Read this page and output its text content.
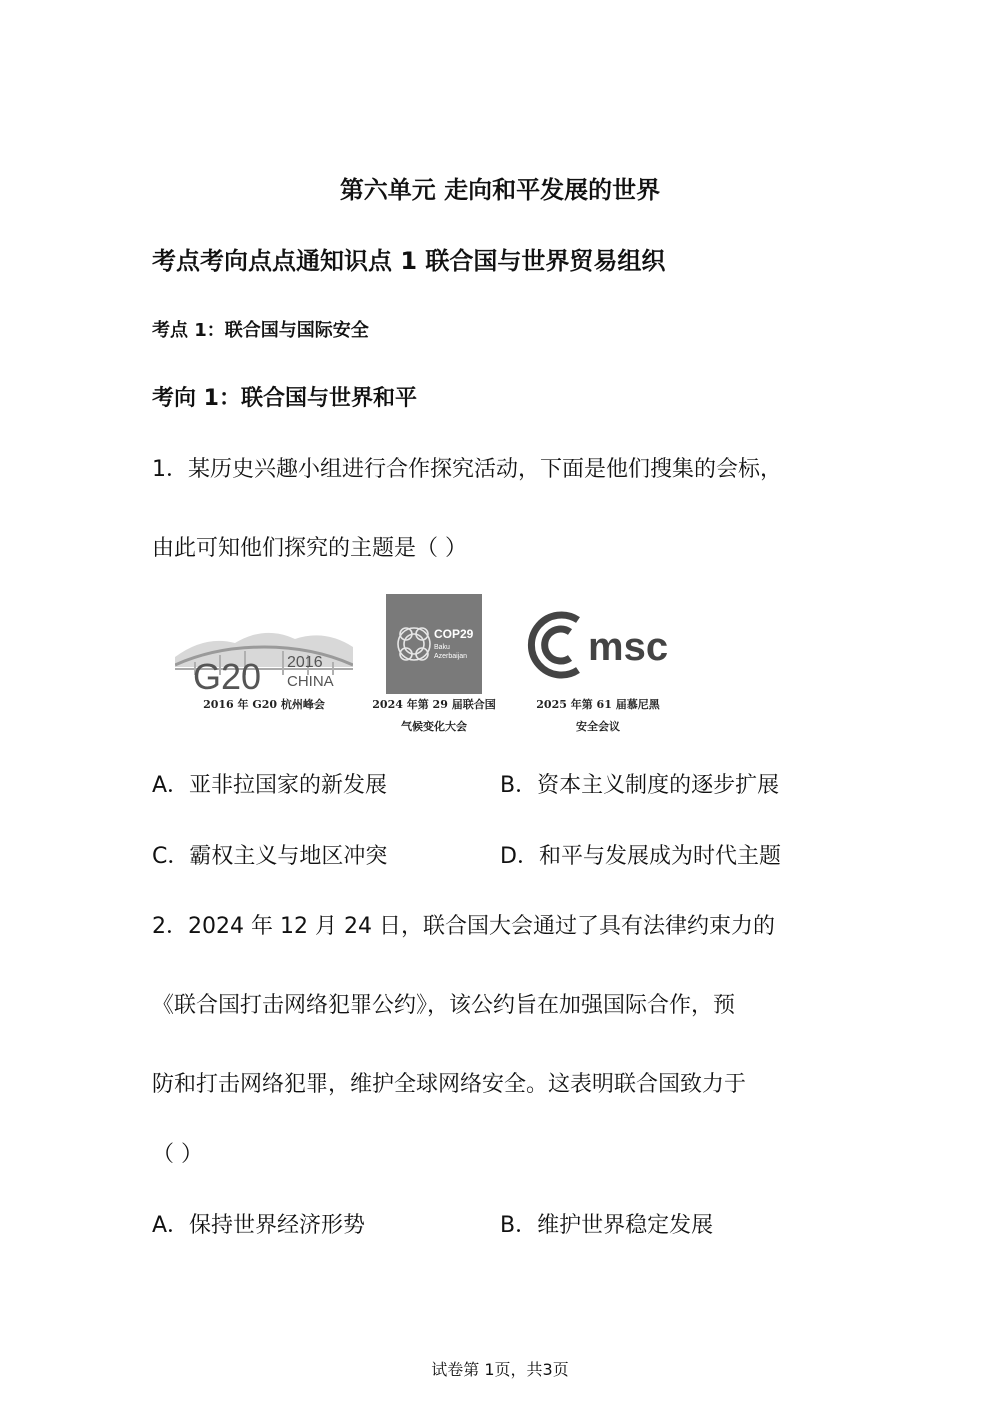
第六单元 走向和平发展的世界
考点考向点点通知识点 1 联合国与世界贸易组织
考点 1：联合国与国际安全
考向 1：联合国与世界和平
1．某历史兴趣小组进行合作探究活动，下面是他们搜集的会标，
由此可知他们探究的主题是（ ）
G20 2016
CHINA
2016 年 G20 杭州峰会
COP29
Baku
Azerbaijan
2024 年第 29 届联合国
气候变化大会
msc
2025 年第 61 届慕尼黑
安全会议
A．亚非拉国家的新发展	B．资本主义制度的逐步扩展
C．霸权主义与地区冲突	D．和平与发展成为时代主题
2．2024 年 12 月 24 日，联合国大会通过了具有法律约束力的
《联合国打击网络犯罪公约》，该公约旨在加强国际合作，预
防和打击网络犯罪，维护全球网络安全。这表明联合国致力于
（ ）
A．保持世界经济形势	B．维护世界稳定发展
试卷第 1页，共3页
